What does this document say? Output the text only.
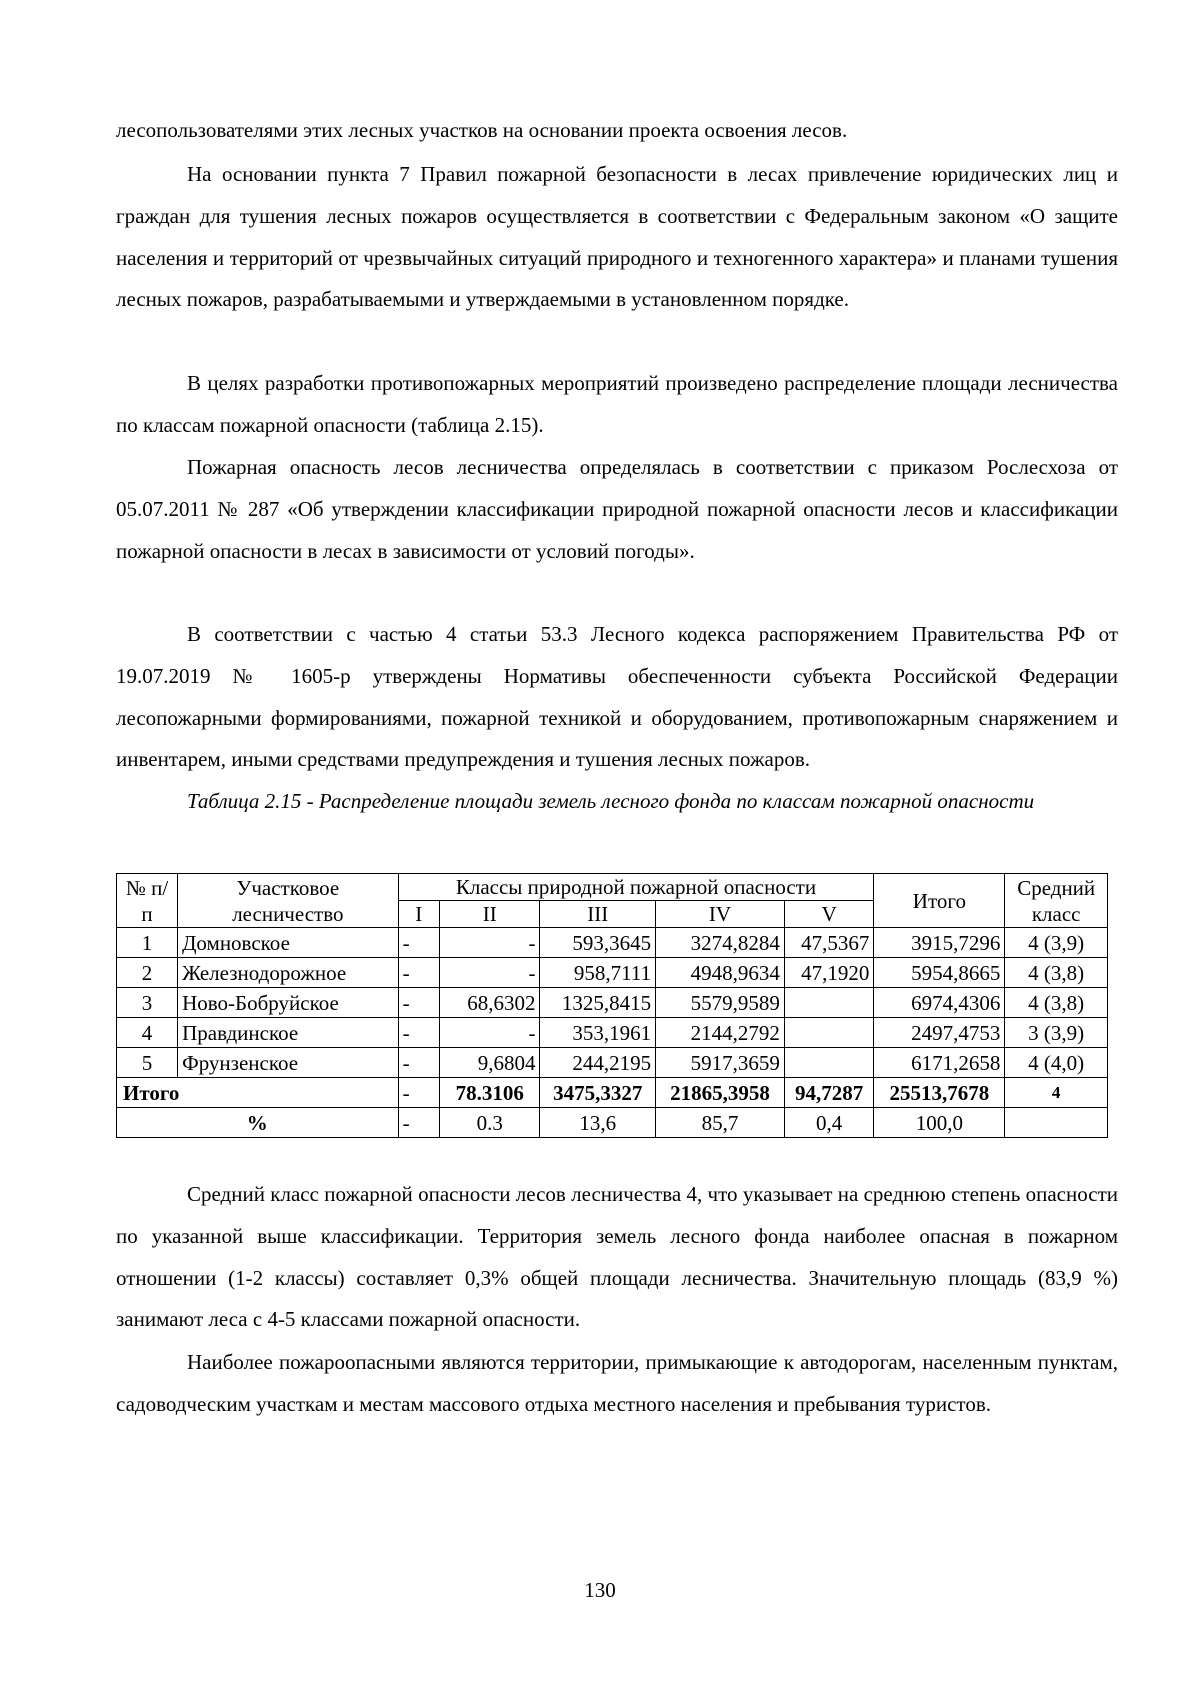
лесопользователями этих лесных участков на основании проекта освоения лесов.

На основании пункта 7 Правил пожарной безопасности в лесах привлечение юридических лиц и граждан для тушения лесных пожаров осуществляется в соответствии с Федеральным законом «О защите населения и территорий от чрезвычайных ситуаций природного и техногенного характера» и планами тушения лесных пожаров, разрабатываемыми и утверждаемыми в установленном порядке.

В целях разработки противопожарных мероприятий произведено распределение площади лесничества по классам пожарной опасности (таблица 2.15).

Пожарная опасность лесов лесничества определялась в соответствии с приказом Рослесхоза от 05.07.2011 № 287 «Об утверждении классификации природной пожарной опасности лесов и классификации пожарной опасности в лесах в зависимости от условий погоды».

В соответствии с частью 4 статьи 53.3 Лесного кодекса распоряжением Правительства РФ от 19.07.2019 № 1605-р утверждены Нормативы обеспеченности субъекта Российской Федерации лесопожарными формированиями, пожарной техникой и оборудованием, противопожарным снаряжением и инвентарем, иными средствами предупреждения и тушения лесных пожаров.

Таблица 2.15 - Распределение площади земель лесного фонда по классам пожарной опасности

№ п/п	Участковое лесничество	Классы природной пожарной опасности					Итого	Средний класс
		I	II	III	IV	V		
1	Домновское	-	-	593,3645	3274,8284	47,5367	3915,7296	4 (3,9)
2	Железнодорожное	-	-	958,7111	4948,9634	47,1920	5954,8665	4 (3,8)
3	Ново-Бобруйское	-	68,6302	1325,8415	5579,9589		6974,4306	4 (3,8)
4	Правдинское	-	-	353,1961	2144,2792		2497,4753	3 (3,9)
5	Фрунзенское	-	9,6804	244,2195	5917,3659		6171,2658	4 (4,0)
Итого		-	78.3106	3475,3327	21865,3958	94,7287	25513,7678	4
%		-	0.3	13,6	85,7	0,4	100,0	

Средний класс пожарной опасности лесов лесничества 4, что указывает на среднюю степень опасности по указанной выше классификации. Территория земель лесного фонда наиболее опасная в пожарном отношении (1-2 классы) составляет 0,3% общей площади лесничества. Значительную площадь (83,9 %) занимают леса с 4-5 классами пожарной опасности.

Наиболее пожароопасными являются территории, примыкающие к автодорогам, населенным пунктам, садоводческим участкам и местам массового отдыха местного населения и пребывания туристов.

130
